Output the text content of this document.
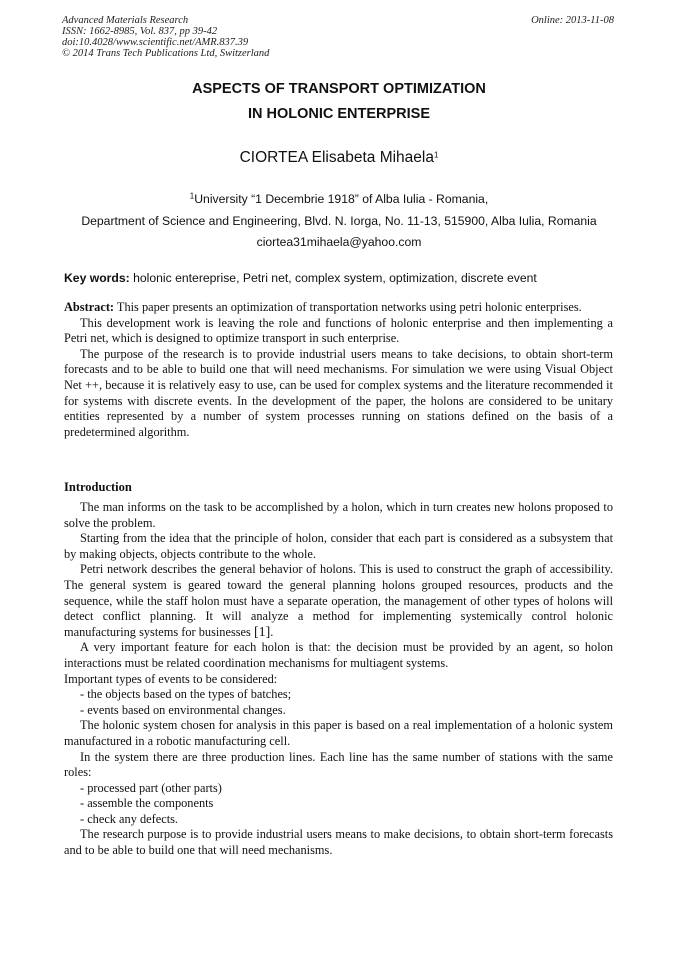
Advanced Materials Research
ISSN: 1662-8985, Vol. 837, pp 39-42
doi:10.4028/www.scientific.net/AMR.837.39
© 2014 Trans Tech Publications Ltd, Switzerland
Online: 2013-11-08
ASPECTS OF TRANSPORT OPTIMIZATION
IN HOLONIC ENTERPRISE
CIORTEA Elisabeta Mihaela$^1$
$^1$University “1 Decembrie 1918” of Alba Iulia - Romania,
Department of Science and Engineering, Blvd. N. Iorga, No. 11-13, 515900, Alba Iulia, Romania
ciortea31mihaela@yahoo.com
Key words: holonic entereprise, Petri net, complex system, optimization, discrete event

Abstract: This paper presents an optimization of transportation networks using petri holonic enterprises.

This development work is leaving the role and functions of holonic enterprise and then implementing a Petri net, which is designed to optimize transport in such enterprise.

The purpose of the research is to provide industrial users means to take decisions, to obtain short-term forecasts and to be able to build one that will need mechanisms. For simulation we were using Visual Object Net ++, because it is relatively easy to use, can be used for complex systems and the literature recommended it for systems with discrete events. In the development of the paper, the holons are considered to be unitary entities represented by a number of system processes running on stations defined on the basis of a predetermined algorithm.

Introduction

The man informs on the task to be accomplished by a holon, which in turn creates new holons proposed to solve the problem.

Starting from the idea that the principle of holon, consider that each part is considered as a subsystem that by making objects, objects contribute to the whole.

Petri network describes the general behavior of holons. This is used to construct the graph of accessibility. The general system is geared toward the general planning holons grouped resources, products and the sequence, while the staff holon must have a separate operation, the management of other types of holons will detect conflict planning. It will analyze a method for implementing systemically control holonic manufacturing systems for businesses [1].

A very important feature for each holon is that: the decision must be provided by an agent, so holon interactions must be related coordination mechanisms for multiagent systems.

Important types of events to be considered:

- the objects based on the types of batches;

- events based on environmental changes.

The holonic system chosen for analysis in this paper is based on a real implementation of a holonic system manufactured in a robotic manufacturing cell.

In the system there are three production lines. Each line has the same number of stations with the same roles:

- processed part (other parts)

- assemble the components

- check any defects.

The research purpose is to provide industrial users means to make decisions, to obtain short-term forecasts and to be able to build one that will need mechanisms.
